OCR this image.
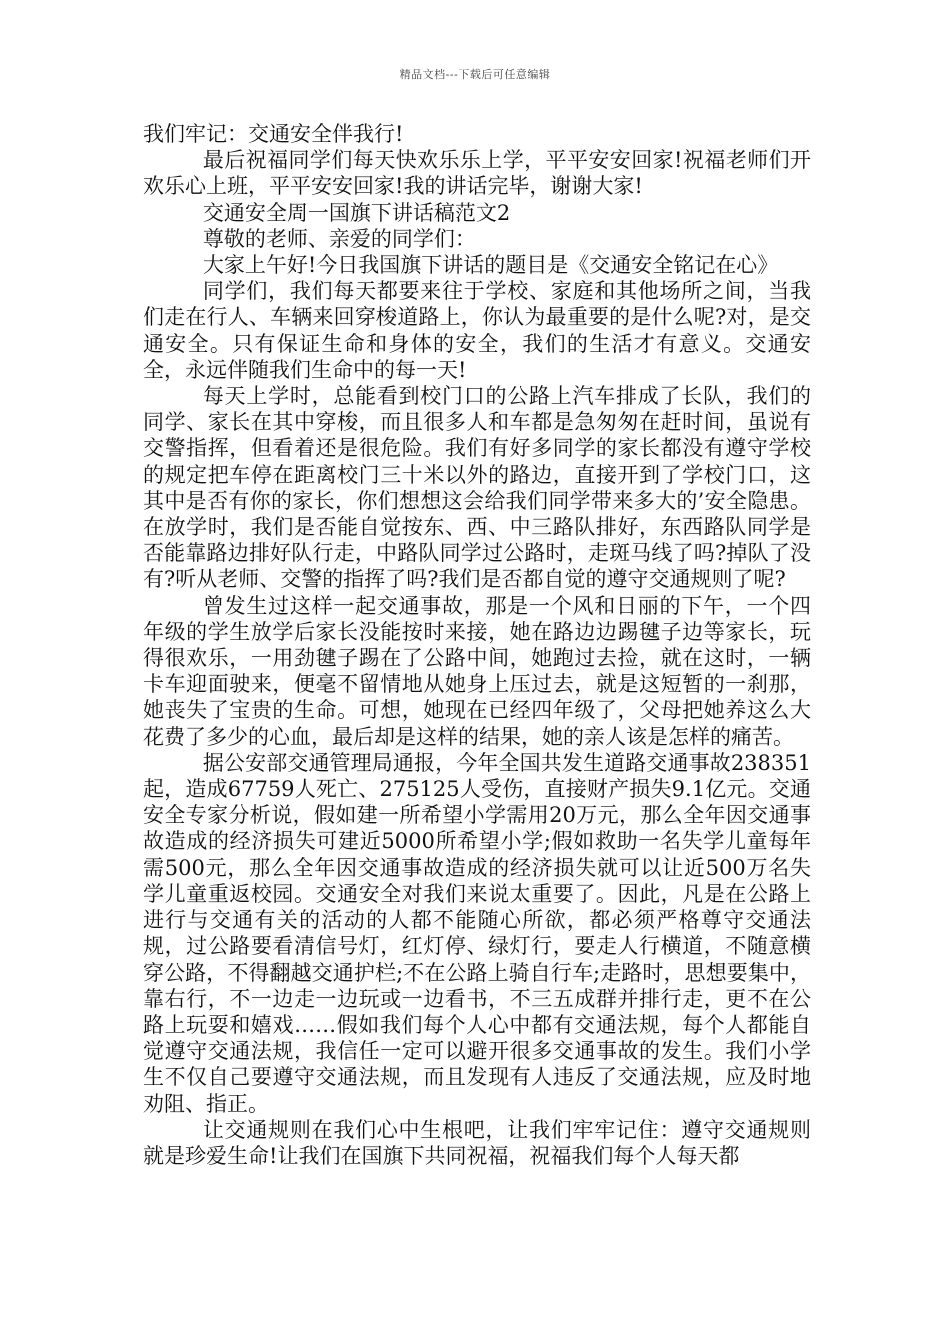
精品文档---下载后可任意编辑

我们牢记：交通安全伴我行!

最后祝福同学们每天快欢乐乐上学，平平安安回家!祝福老师们开欢乐心上班，平平安安回家!我的讲话完毕，谢谢大家!

交通安全周一国旗下讲话稿范文2

尊敬的老师、亲爱的同学们：

大家上午好!今日我国旗下讲话的题目是《交通安全铭记在心》

同学们，我们每天都要来往于学校、家庭和其他场所之间，当我们走在行人、车辆来回穿梭道路上，你认为最重要的是什么呢?对，是交通安全。只有保证生命和身体的安全，我们的生活才有意义。交通安全，永远伴随我们生命中的每一天!

每天上学时，总能看到校门口的公路上汽车排成了长队，我们的同学、家长在其中穿梭，而且很多人和车都是急匆匆在赶时间，虽说有交警指挥，但看着还是很危险。我们有好多同学的家长都没有遵守学校的规定把车停在距离校门三十米以外的路边，直接开到了学校门口，这其中是否有你的家长，你们想想这会给我们同学带来多大的’安全隐患。在放学时，我们是否能自觉按东、西、中三路队排好，东西路队同学是否能靠路边排好队行走，中路队同学过公路时，走斑马线了吗?掉队了没有?听从老师、交警的指挥了吗?我们是否都自觉的遵守交通规则了呢?

曾发生过这样一起交通事故，那是一个风和日丽的下午，一个四年级的学生放学后家长没能按时来接，她在路边边踢毽子边等家长，玩得很欢乐，一用劲毽子踢在了公路中间，她跑过去捡，就在这时，一辆卡车迎面驶来，便毫不留情地从她身上压过去，就是这短暂的一刹那，她丧失了宝贵的生命。可想，她现在已经四年级了，父母把她养这么大花费了多少的心血，最后却是这样的结果，她的亲人该是怎样的痛苦。

据公安部交通管理局通报，今年全国共发生道路交通事故238351起，造成67759人死亡、275125人受伤，直接财产损失9.1亿元。交通安全专家分析说，假如建一所希望小学需用20万元，那么全年因交通事故造成的经济损失可建近5000所希望小学;假如救助一名失学儿童每年需500元，那么全年因交通事故造成的经济损失就可以让近500万名失学儿童重返校园。交通安全对我们来说太重要了。因此，凡是在公路上进行与交通有关的活动的人都不能随心所欲，都必须严格尊守交通法规，过公路要看清信号灯，红灯停、绿灯行，要走人行横道，不随意横穿公路，不得翻越交通护栏;不在公路上骑自行车;走路时，思想要集中，靠右行，不一边走一边玩或一边看书，不三五成群并排行走，更不在公路上玩耍和嬉戏……假如我们每个人心中都有交通法规，每个人都能自觉遵守交通法规，我信任一定可以避开很多交通事故的发生。我们小学生不仅自己要遵守交通法规，而且发现有人违反了交通法规，应及时地劝阻、指正。

让交通规则在我们心中生根吧，让我们牢牢记住：遵守交通规则就是珍爱生命!让我们在国旗下共同祝福，祝福我们每个人每天都
